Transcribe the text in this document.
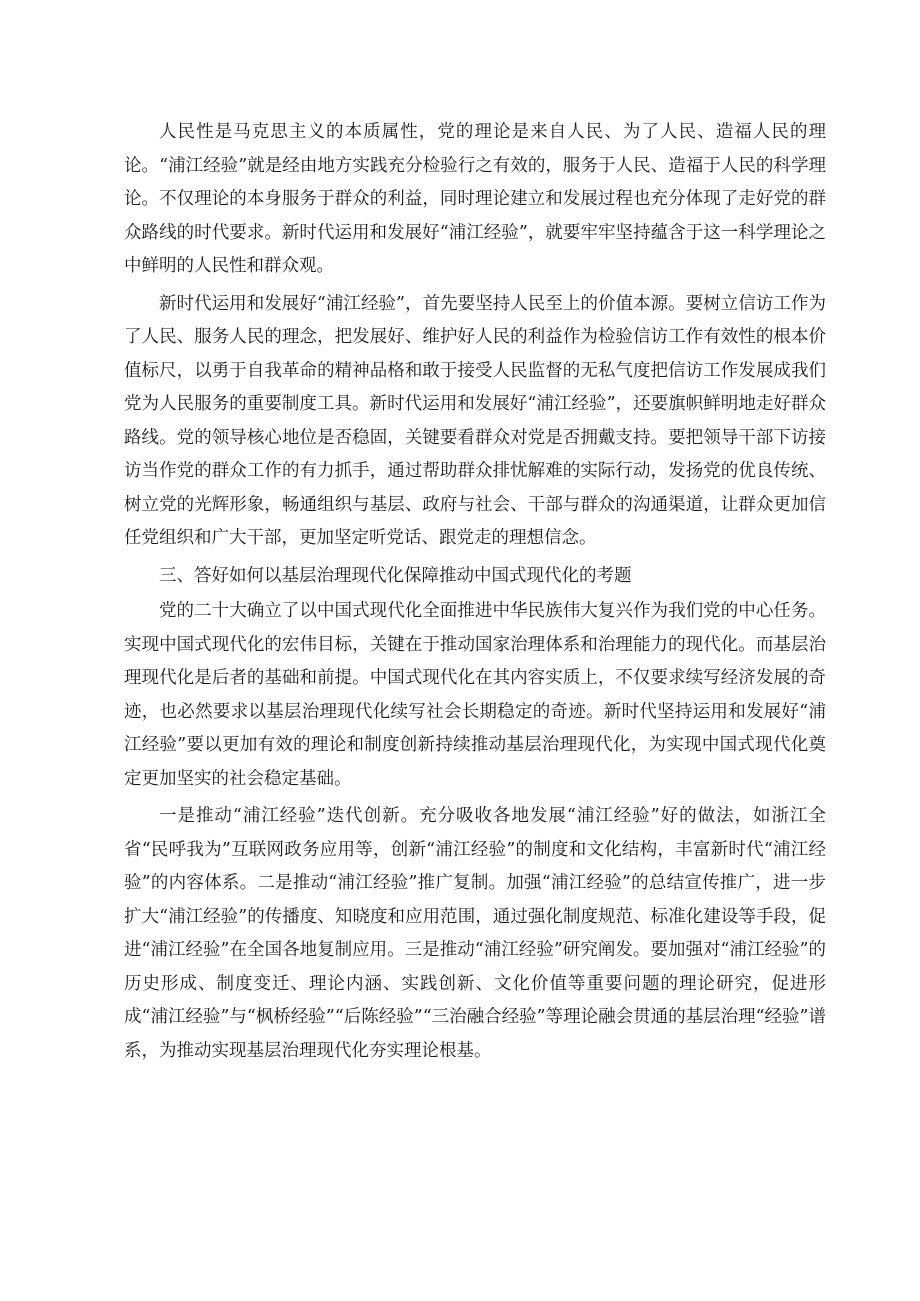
人民性是马克思主义的本质属性，党的理论是来自人民、为了人民、造福人民的理论。“浦江经验”就是经由地方实践充分检验行之有效的，服务于人民、造福于人民的科学理论。不仅理论的本身服务于群众的利益，同时理论建立和发展过程也充分体现了走好党的群众路线的时代要求。新时代运用和发展好“浦江经验”，就要牢牢坚持蕴含于这一科学理论之中鲜明的人民性和群众观。

新时代运用和发展好“浦江经验”，首先要坚持人民至上的价值本源。要树立信访工作为了人民、服务人民的理念，把发展好、维护好人民的利益作为检验信访工作有效性的根本价值标尺，以勇于自我革命的精神品格和敢于接受人民监督的无私气度把信访工作发展成我们党为人民服务的重要制度工具。新时代运用和发展好“浦江经验”，还要旗帜鲜明地走好群众路线。党的领导核心地位是否稳固，关键要看群众对党是否拥戴支持。要把领导干部下访接访当作党的群众工作的有力抓手，通过帮助群众排忧解难的实际行动，发扬党的优良传统、树立党的光辉形象，畅通组织与基层、政府与社会、干部与群众的沟通渠道，让群众更加信任党组织和广大干部，更加坚定听党话、跟党走的理想信念。

三、答好如何以基层治理现代化保障推动中国式现代化的考题

党的二十大确立了以中国式现代化全面推进中华民族伟大复兴作为我们党的中心任务。实现中国式现代化的宏伟目标，关键在于推动国家治理体系和治理能力的现代化。而基层治理现代化是后者的基础和前提。中国式现代化在其内容实质上，不仅要求续写经济发展的奇迹，也必然要求以基层治理现代化续写社会长期稳定的奇迹。新时代坚持运用和发展好“浦江经验”要以更加有效的理论和制度创新持续推动基层治理现代化，为实现中国式现代化奠定更加坚实的社会稳定基础。

一是推动“浦江经验”迭代创新。充分吸收各地发展“浦江经验”好的做法，如浙江全省“民呼我为”互联网政务应用等，创新“浦江经验”的制度和文化结构，丰富新时代“浦江经验”的内容体系。二是推动“浦江经验”推广复制。加强“浦江经验”的总结宣传推广，进一步扩大“浦江经验”的传播度、知晓度和应用范围，通过强化制度规范、标准化建设等手段，促进“浦江经验”在全国各地复制应用。三是推动“浦江经验”研究阐发。要加强对“浦江经验”的历史形成、制度变迁、理论内涵、实践创新、文化价值等重要问题的理论研究，促进形成“浦江经验”与“枫桥经验”“后陈经验”“三治融合经验”等理论融会贯通的基层治理“经验”谱系，为推动实现基层治理现代化夯实理论根基。
